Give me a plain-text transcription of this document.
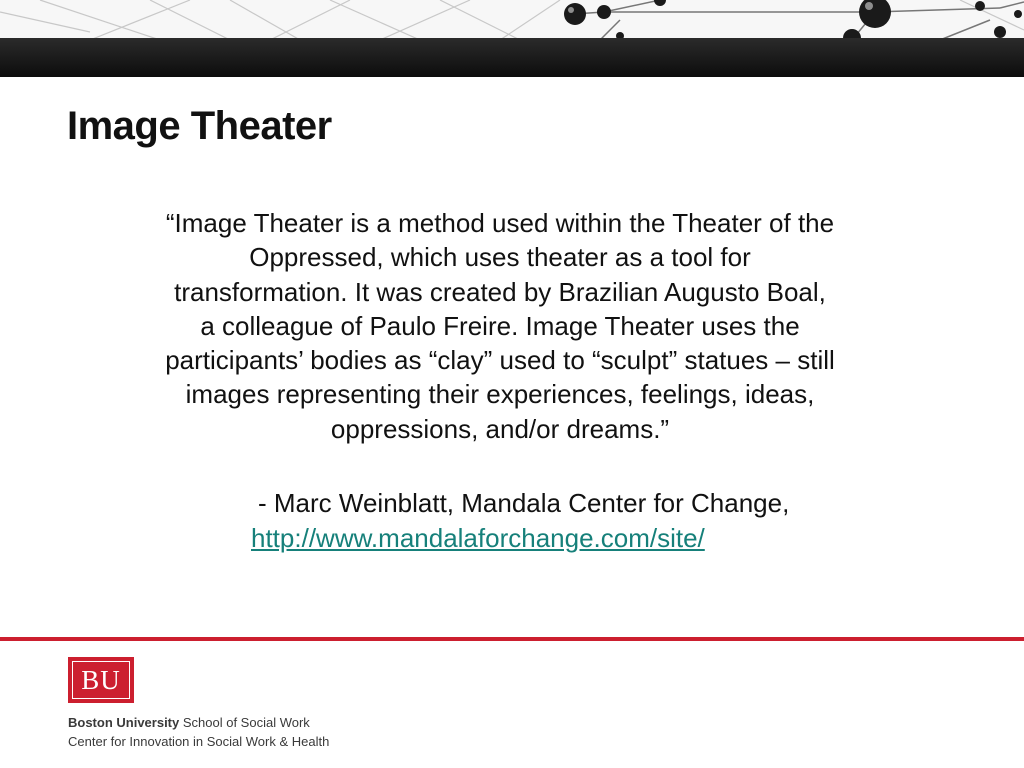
Image Theater
“Image Theater is a method used within the Theater of the
Oppressed, which uses theater as a tool for
transformation. It was created by Brazilian Augusto Boal,
a colleague of Paulo Freire. Image Theater uses the
participants’ bodies as “clay” used to “sculpt” statues – still
images representing their experiences, feelings, ideas,
oppressions, and/or dreams.”
- Marc Weinblatt, Mandala Center for Change,
http://www.mandalaforchange.com/site/
BU
Boston University School of Social Work
Center for Innovation in Social Work & Health
